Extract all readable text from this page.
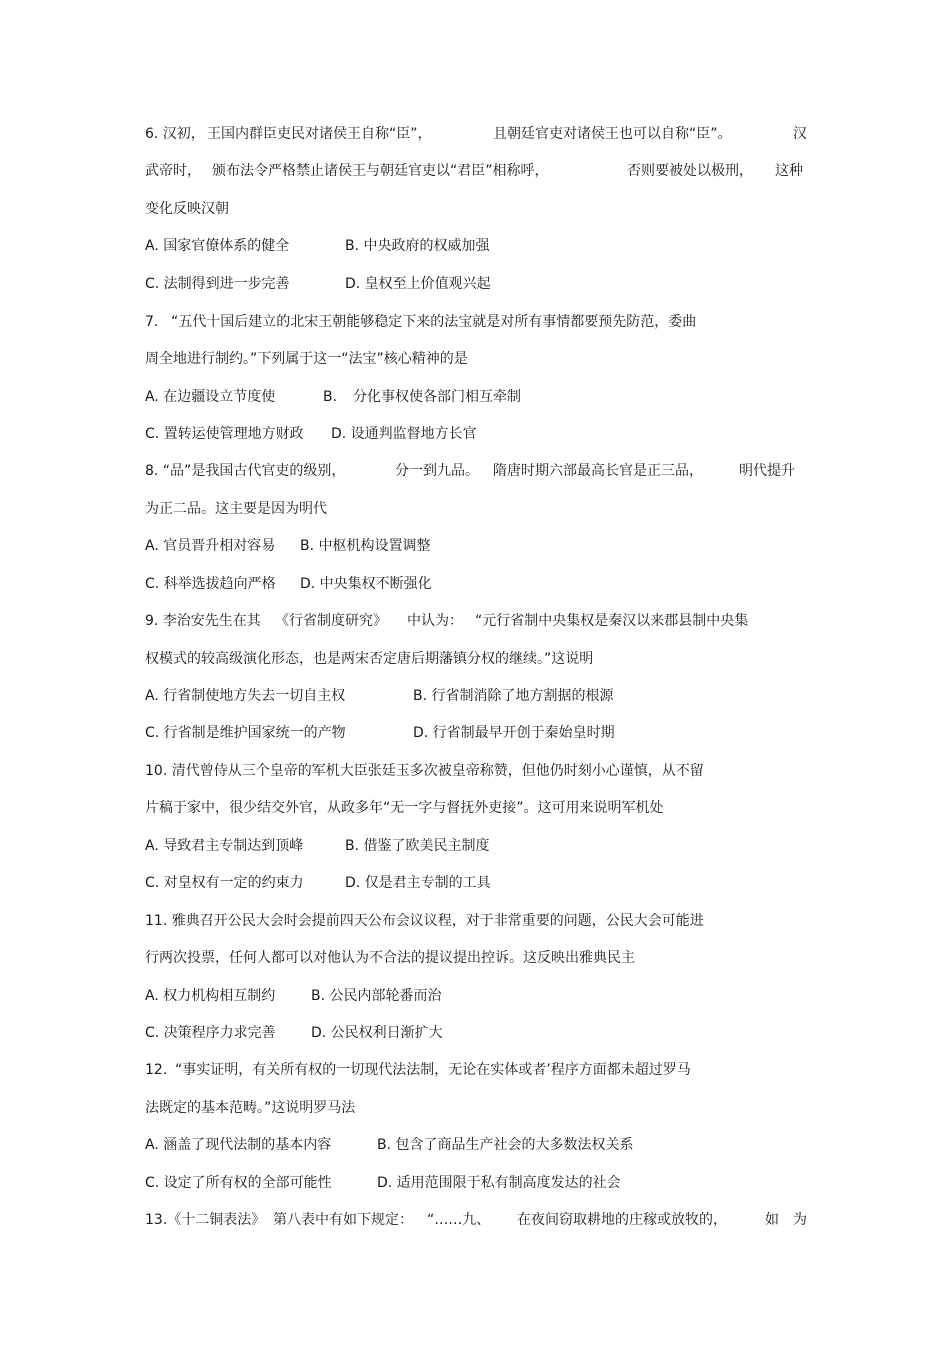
6. 汉初， 王国内群臣吏民对诸侯王自称“臣”，	且朝廷官吏对诸侯王也可以自称“臣”。	汉
武帝时， 颁布法令严格禁止诸侯王与朝廷官吏以“君臣”相称呼，	否则要被处以极刑， 这种
变化反映汉朝
A. 国家官僚体系的健全	B. 中央政府的权威加强
C. 法制得到进一步完善	D. 皇权至上价值观兴起
7. “五代十国后建立的北宋王朝能够稳定下来的法宝就是对所有事情都要预先防范，委曲
周全地进行制约。”下列属于这一“法宝”核心精神的是
A. 在边疆设立节度使	B. 分化事权使各部门相互牵制
C. 置转运使管理地方财政 D. 设通判监督地方长官
8. “品”是我国古代官吏的级别，	分一到九品。 隋唐时期六部最高长官是正三品，	明代提升
为正二品。这主要是因为明代
A. 官员晋升相对容易 B. 中枢机构设置调整
C. 科举选拔趋向严格 D. 中央集权不断强化
9. 李治安先生在其 《行省制度研究》 中认为： “元行省制中央集权是秦汉以来郡县制中央集
权模式的较高级演化形态，也是两宋否定唐后期藩镇分权的继续。”这说明
A. 行省制使地方失去一切自主权	B. 行省制消除了地方割据的根源
C. 行省制是维护国家统一的产物	D. 行省制最早开创于秦始皇时期
10. 清代曾侍从三个皇帝的军机大臣张廷玉多次被皇帝称赞，但他仍时刻小心谨慎，从不留
片稿于家中，很少结交外官，从政多年“无一字与督抚外吏接”。这可用来说明军机处
A. 导致君主专制达到顶峰	B. 借鉴了欧美民主制度
C. 对皇权有一定的约束力	D. 仅是君主专制的工具
11. 雅典召开公民大会时会提前四天公布会议议程，对于非常重要的问题，公民大会可能进
行两次投票，任何人都可以对他认为不合法的提议提出控诉。这反映出雅典民主
A. 权力机构相互制约	B. 公民内部轮番而治
C. 决策程序力求完善	D. 公民权利日渐扩大
12. “事实证明，有关所有权的一切现代法法制，无论在实体或者’程序方面都未超过罗马
法既定的基本范畴。”这说明罗马法
A. 涵盖了现代法制的基本内容	B. 包含了商品生产社会的大多数法权关系
C. 设定了所有权的全部可能性	D. 适用范围限于私有制高度发达的社会
13.《十二铜表法》 第八表中有如下规定： “……九、 在夜间窃取耕地的庄稼或放牧的，	如 为
